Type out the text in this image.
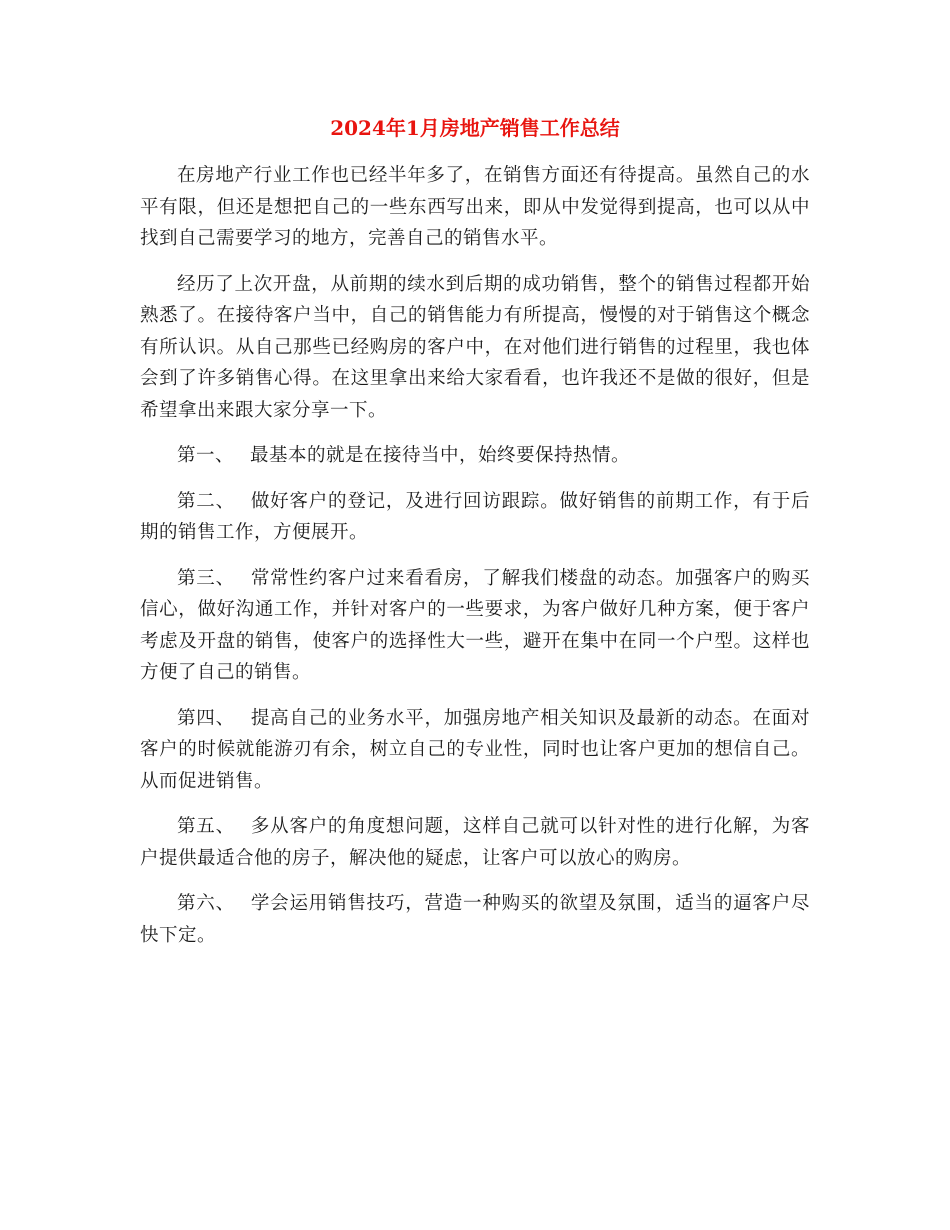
2024年1月房地产销售工作总结

在房地产行业工作也已经半年多了，在销售方面还有待提高。虽然自己的水平有限，但还是想把自己的一些东西写出来，即从中发觉得到提高，也可以从中找到自己需要学习的地方，完善自己的销售水平。

经历了上次开盘，从前期的续水到后期的成功销售，整个的销售过程都开始熟悉了。在接待客户当中，自己的销售能力有所提高，慢慢的对于销售这个概念有所认识。从自己那些已经购房的客户中，在对他们进行销售的过程里，我也体会到了许多销售心得。在这里拿出来给大家看看，也许我还不是做的很好，但是希望拿出来跟大家分享一下。

第一、 最基本的就是在接待当中，始终要保持热情。

第二、 做好客户的登记，及进行回访跟踪。做好销售的前期工作，有于后期的销售工作，方便展开。

第三、 常常性约客户过来看看房，了解我们楼盘的动态。加强客户的购买信心，做好沟通工作，并针对客户的一些要求，为客户做好几种方案，便于客户考虑及开盘的销售，使客户的选择性大一些，避开在集中在同一个户型。这样也方便了自己的销售。

第四、 提高自己的业务水平，加强房地产相关知识及最新的动态。在面对客户的时候就能游刃有余，树立自己的专业性，同时也让客户更加的想信自己。从而促进销售。

第五、 多从客户的角度想问题，这样自己就可以针对性的进行化解，为客户提供最适合他的房子，解决他的疑虑，让客户可以放心的购房。

第六、 学会运用销售技巧，营造一种购买的欲望及氛围，适当的逼客户尽快下定。
